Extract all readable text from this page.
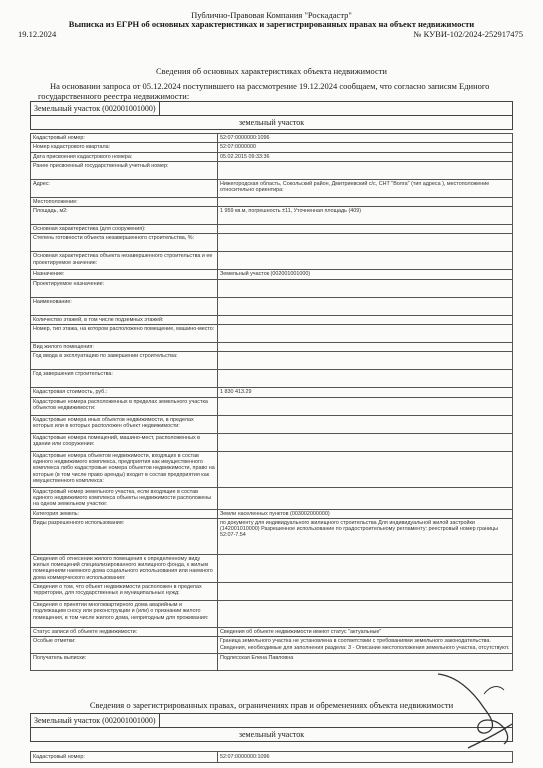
Публично-Правовая Компания "Роскадастр"
Выписка из ЕГРН об основных характеристиках и зарегистрированных правах на объект недвижимости
19.12.2024	№ КУВИ-102/2024-252917475
Сведения об основных характеристиках объекта недвижимости
На основании запроса от 05.12.2024 поступившего на рассмотрение 19.12.2024 сообщаем, что согласно записям Единого государственного реестра недвижимости:
Земельный участок (002001001000)
земельный участок
Кадастровый номер:	52:07:0000000:1096
Номер кадастрового квартала:	52:07:0000000
Дата присвоения кадастрового номера:	05.02.2015 09:33:36
Ранее присвоенный государственный учетный номер:	
Адрес:	Нижегородская область, Сокольский район, Дмитриевский с/с, СНТ "Волга" (тип адреса ), местоположение относительно ориентира:
Местоположение:	
Площадь, м2:	1 959 кв.м, погрешность ±11, Уточненная площадь (409)
Основная характеристика (для сооружения):	
Степень готовности объекта незавершенного строительства, %:	
Основная характеристика объекта незавершенного строительства и ее проектируемое значение:	
Назначение:	Земельный участок (002001001000)
Проектируемое назначение:	
Наименование:	
Количество этажей, в том числе подземных этажей:	
Номер, тип этажа, на котором расположено помещение, машино-место:	
Вид жилого помещения:	
Год ввода в эксплуатацию по завершении строительства:	
Год завершения строительства:	
Кадастровая стоимость, руб.:	1 830 413.29
Кадастровые номера расположенных в пределах земельного участка объектов недвижимости:	
Кадастровые номера иных объектов недвижимости, в пределах которых или в которых расположен объект недвижимости:	
Кадастровые номера помещений, машино-мест, расположенных в здании или сооружении:	
Кадастровые номера объектов недвижимости, входящих в состав единого недвижимого комплекса, предприятия как имущественного комплекса либо кадастровые номера объектов недвижимости, право на которые (в том числе право аренды) входит в состав предприятия как имущественного комплекса:	
Кадастровый номер земельного участка, если входящие в состав единого недвижимого комплекса объекты недвижимости расположены на одном земельном участке:	
Категория земель:	Земли населенных пунктов (003002000000)
Виды разрешенного использования:	по документу для индивидуального жилищного строительства Для индивидуальной жилой застройки (142001010000) Разрешенное использование по градостроительному регламенту: реестровый номер границы 52:07-7.54
Сведения об отнесении жилого помещения к определенному виду жилых помещений специализированного жилищного фонда, к жилым помещениям наемного дома социального использования или наемного дома коммерческого использования:	
Сведения о том, что объект недвижимости расположен в пределах территории, для государственных и муниципальных нужд:	
Сведения о принятии многоквартирного дома аварийным и подлежащим сносу или реконструкции и (или) о признании жилого помещения, в том числе жилого дома, непригодным для проживания:	
Статус записи об объекте недвижимости:	Сведения об объекте недвижимости имеют статус "актуальные"
Особые отметки:	Граница земельного участка не установлена в соответствии с требованиями земельного законодательства. Сведения, необходимые для заполнения раздела: 3 - Описание местоположения земельного участка, отсутствуют.
Получатель выписки:	Подлесская Елена Павловна
Сведения о зарегистрированных правах, ограничениях прав и обременениях объекта недвижимости
Земельный участок (002001001000)
земельный участок
Кадастровый номер:	52:07:0000000:1096
